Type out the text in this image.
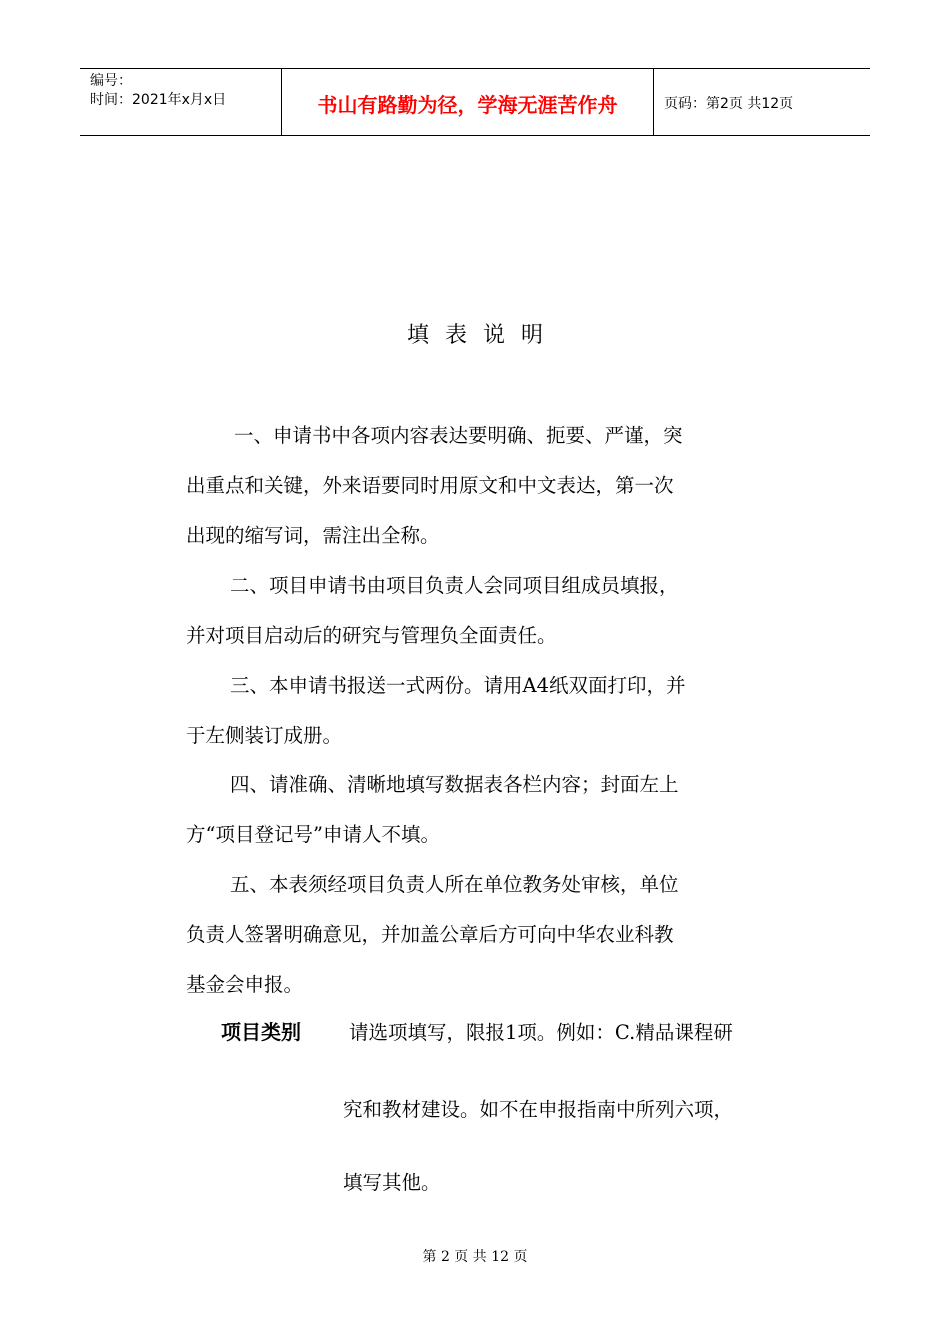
编号：
时间：2021年x月x日	书山有路勤为径，学海无涯苦作舟	页码：第2页 共12页
填表说明
一、申请书中各项内容表达要明确、扼要、严谨，突
出重点和关键，外来语要同时用原文和中文表达，第一次
出现的缩写词，需注出全称。
二、项目申请书由项目负责人会同项目组成员填报，
并对项目启动后的研究与管理负全面责任。
三、本申请书报送一式两份。请用A4纸双面打印，并
于左侧装订成册。
四、请准确、清晰地填写数据表各栏内容；封面左上
方“项目登记号”申请人不填。
五、本表须经项目负责人所在单位教务处审核，单位
负责人签署明确意见，并加盖公章后方可向中华农业科教
基金会申报。
项目类别 请选项填写，限报1项。例如：C.精品课程研
究和教材建设。如不在申报指南中所列六项，
填写其他。
第 2 页 共 12 页
